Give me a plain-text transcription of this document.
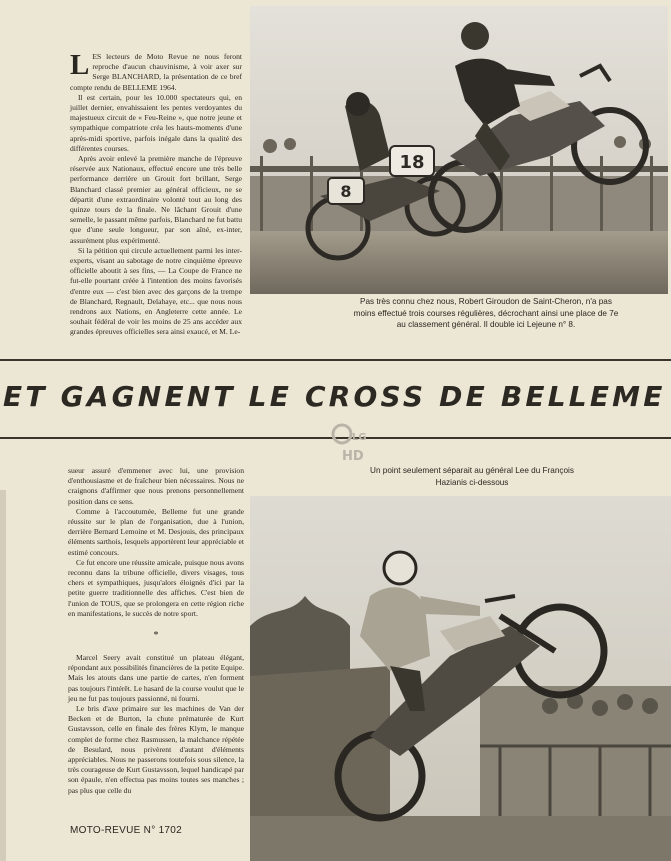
LES lecteurs de Moto Revue ne nous feront reproche d'aucun chauvinisme, à voir axer sur Serge BLANCHARD, la présentation de ce bref compte rendu de BELLEME 1964.

Il est certain, pour les 10.000 spectateurs qui, en juillet dernier, envahissaient les pentes verdoyantes du majestueux circuit de « Feu-Reine », que notre jeune et sympathique compatriote créa les hauts-moments d'une après-midi sportive, parfois inégale dans la qualité des différentes courses.

Après avoir enlevé la première manche de l'épreuve réservée aux Nationaux, effectué encore une très belle performance derrière un Grouit fort brillant, Serge Blanchard classé premier au général officieux, ne se départit d'une extraordinaire volonté tout au long des quinze tours de la finale. Ne lâchant Grouit d'une semelle, le passant même parfois, Blanchard ne fut battu que d'une seule longueur, par son aîné, ex-inter, assurément plus expérimenté.

Si la pétition qui circule actuellement parmi les inter-experts, visant au sabotage de notre cinquième épreuve officielle aboutit à ses fins, — La Coupe de France ne fut-elle pourtant créée à l'intention des moins favorisés d'entre eux — c'est bien avec des garçons de la trempe de Blanchard, Regnault, Delahaye, etc... que nous nous rendrons aux Nations, en Angleterre cette année. Le souhait fédéral de voir les moins de 25 ans accéder aux grandes épreuves officielles sera ainsi exaucé, et M. Le-

8
18
Pas très connu chez nous, Robert Giroudon de Saint-Cheron, n'a pas moins effectué trois courses régulières, décrochant ainsi une place de 7e au classement général. Il double ici Lejeune n° 8.
ET GAGNENT LE CROSS DE BELLEME
LG
HD
Un point seulement séparait au général Lee du François Hazianis ci-dessous

sueur assuré d'emmener avec lui, une provision d'enthousiasme et de fraîcheur bien nécessaires. Nous ne craignons d'affirmer que nous prenons personnellement position dans ce sens.

Comme à l'accoutumée, Belleme fut une grande réussite sur le plan de l'organisation, due à l'union, derrière Bernard Lemoine et M. Desjouis, des principaux éléments sarthois, lesquels apportèrent leur appréciable et estimé concours.

Ce fut encore une réussite amicale, puisque nous avons reconnu dans la tribune officielle, divers visages, tous chers et sympathiques, jusqu'alors éloignés d'ici par la petite guerre traditionnelle des affiches. C'est bien de l'union de TOUS, que se prolongera en cette région riche en manifestations, le succès de notre sport.

*

Marcel Seery avait constitué un plateau élégant, répondant aux possibilités financières de la petite Equipe. Mais les atouts dans une partie de cartes, n'en forment pas toujours l'intérêt. Le hasard de la course voulut que le jeu ne fut pas toujours passionné, ni fourni.

Le bris d'axe primaire sur les machines de Van der Becken et de Burton, la chute prématurée de Kurt Gustavsson, celle en finale des frères Klym, le manque complet de forme chez Rasmussen, la malchance répétée de Besulard, nous privèrent d'autant d'éléments appréciables. Nous ne passerons toutefois sous silence, la très courageuse de Kurt Gustavsson, lequel handicapé par son épaule, n'en effectua pas moins toutes ses manches ; pas plus que celle du

MOTO-REVUE N° 1702
